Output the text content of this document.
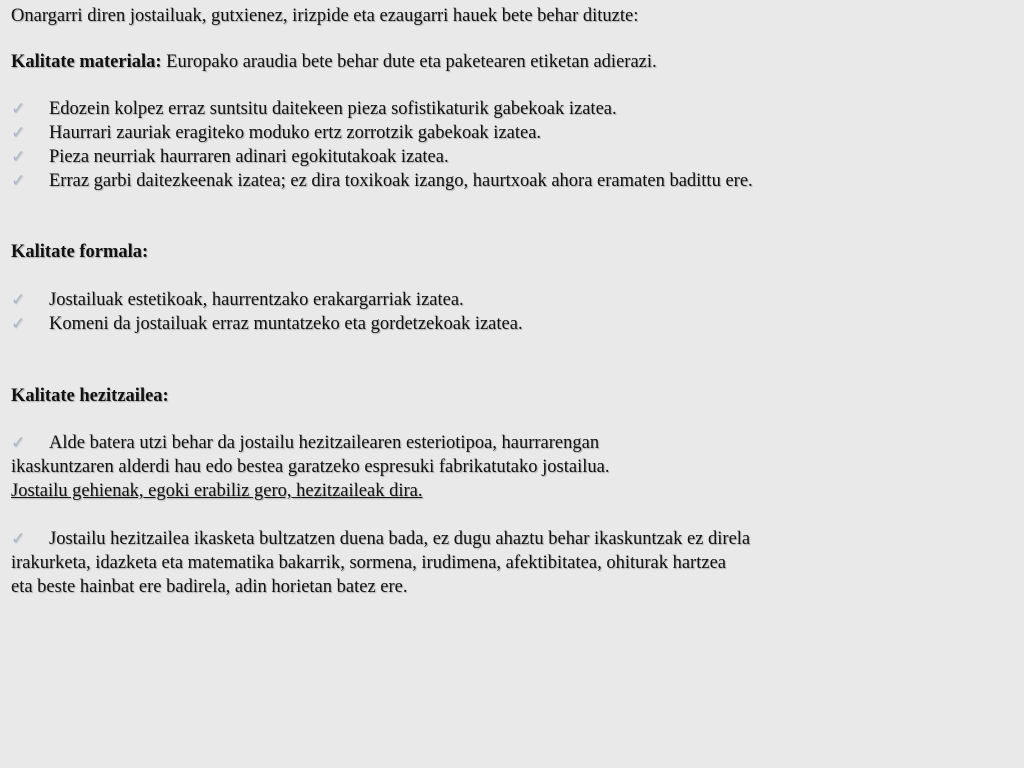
Onargarri diren jostailuak, gutxienez, irizpide eta ezaugarri hauek bete behar dituzte:
Kalitate materiala: Europako araudia bete behar dute eta paketearen etiketan adierazi.
✓	Edozein kolpez erraz suntsitu daitekeen pieza sofistikaturik gabekoak izatea.
✓	Haurrari zauriak eragiteko moduko ertz zorrotzik gabekoak izatea.
✓	Pieza neurriak haurraren adinari egokitutakoak izatea.
✓	Erraz garbi daitezkeenak izatea; ez dira toxikoak izango, haurtxoak ahora eramaten badittu ere.
Kalitate formala:
✓	Jostailuak estetikoak, haurrentzako erakargarriak izatea.
✓	Komeni da jostailuak erraz muntatzeko eta gordetzekoak izatea.
Kalitate hezitzailea:
✓	Alde batera utzi behar da jostailu hezitzailearen esteriotipoa, haurrarengan
ikaskuntzaren alderdi hau edo bestea garatzeko espresuki fabrikatutako jostailua.
Jostailu gehienak, egoki erabiliz gero, hezitzaileak dira.
✓	Jostailu hezitzailea ikasketa bultzatzen duena bada, ez dugu ahaztu behar ikaskuntzak ez direla
irakurketa, idazketa eta matematika bakarrik, sormena, irudimena, afektibitatea, ohiturak hartzea
eta beste hainbat ere badirela, adin horietan batez ere.
